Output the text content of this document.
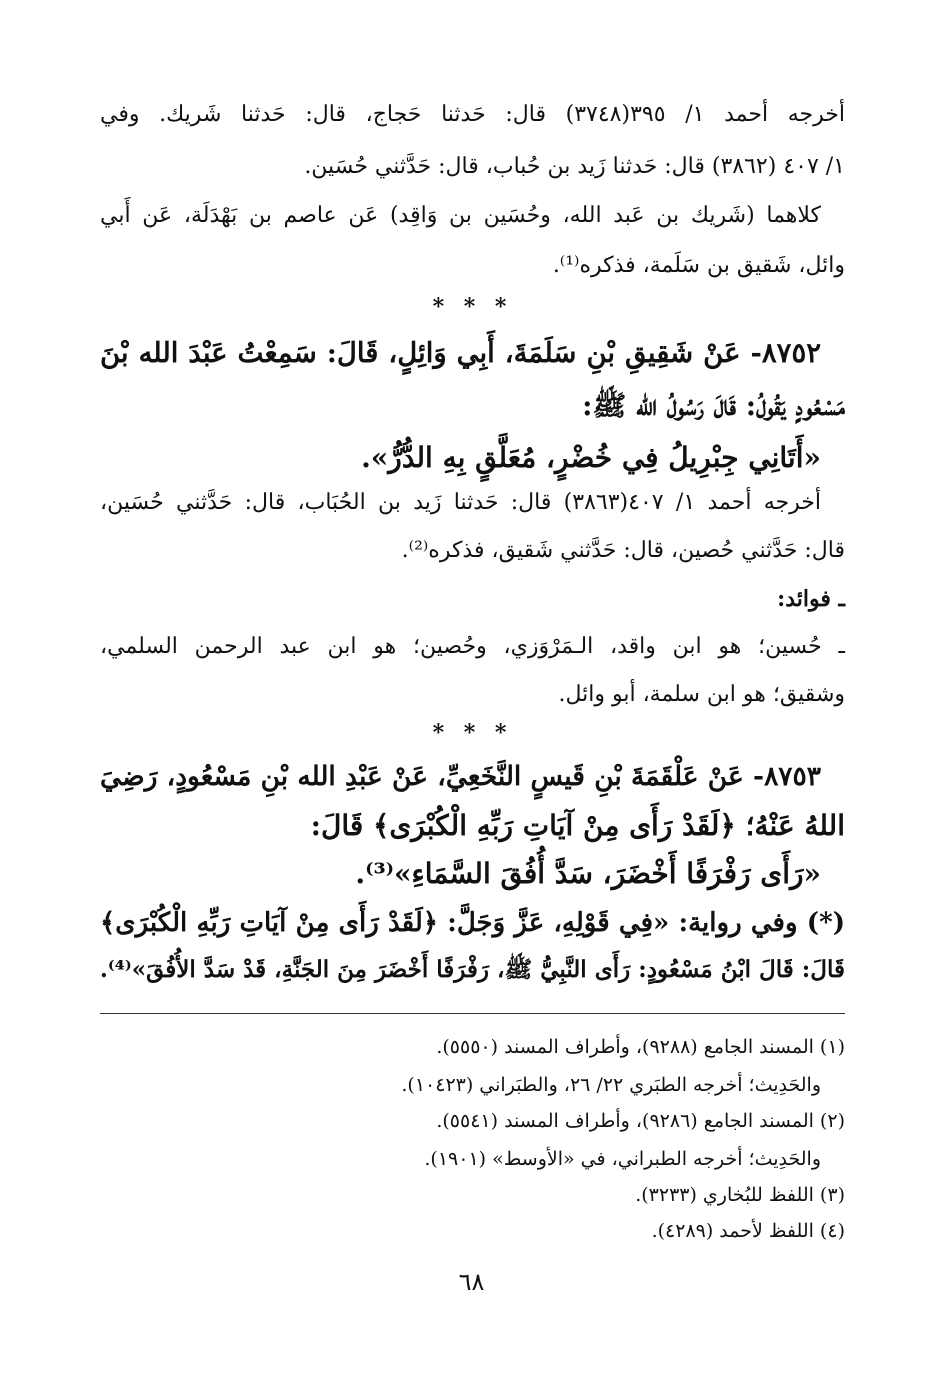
أخرجه أحمد ١/ ٣٩٥(٣٧٤٨) قال: حَدثنا حَجاج، قال: حَدثنا شَريك. وفي
١/ ٤٠٧ (٣٨٦٢) قال: حَدثنا زَيد بن حُباب، قال: حَدَّثني حُسَين.
كلاهما (شَريك بن عَبد الله، وحُسَين بن وَاقِد) عَن عاصم بن بَهْدَلَة، عَن أَبي
وائل، شَقيق بن سَلَمة، فذكره⁽¹⁾.
* * *
٨٧٥٢- عَنْ شَقِيقِ بْنِ سَلَمَةَ، أَبِي وَائِلٍ، قَالَ: سَمِعْتُ عَبْدَ الله بْنَ
مَسْعُودٍ يَقُولُ: قَالَ رَسُولُ الله ﷺ:
«أَتَانِي جِبْرِيلُ فِي خُضْرٍ، مُعَلَّقٍ بِهِ الدُّرُّ».
أخرجه أحمد ١/ ٤٠٧(٣٨٦٣) قال: حَدثنا زَيد بن الحُبَاب، قال: حَدَّثني حُسَين،
قال: حَدَّثني حُصين، قال: حَدَّثني شَقيق، فذكره⁽²⁾.
ـ فوائد:
ـ حُسين؛ هو ابن واقد، الـمَرْوَزي، وحُصين؛ هو ابن عبد الرحمن السلمي،
وشقيق؛ هو ابن سلمة، أبو وائل.
* * *
٨٧٥٣- عَنْ عَلْقَمَةَ بْنِ قَيسٍ النَّخَعِيِّ، عَنْ عَبْدِ الله بْنِ مَسْعُودٍ، رَضِيَ
اللهُ عَنْهُ؛ ﴿لَقَدْ رَأَى مِنْ آيَاتِ رَبِّهِ الْكُبْرَى﴾ قَالَ:
«رَأَى رَفْرَفًا أَخْضَرَ، سَدَّ أُفُقَ السَّمَاءِ»⁽³⁾.
(*) وفي رواية: «فِي قَوْلِهِ، عَزَّ وَجَلَّ: ﴿لَقَدْ رَأَى مِنْ آيَاتِ رَبِّهِ الْكُبْرَى﴾
قَالَ: قَالَ ابْنُ مَسْعُودٍ: رَأَى النَّبِيُّ ﷺ، رَفْرَفًا أَخْضَرَ مِنَ الجَنَّةِ، قَدْ سَدَّ الأُفُقَ»⁽⁴⁾.
(١) المسند الجامع (٩٢٨٨)، وأطراف المسند (٥٥٥٠).
والحَدِيث؛ أخرجه الطبَري ٢٢/ ٢٦، والطبَراني (١٠٤٢٣).
(٢) المسند الجامع (٩٢٨٦)، وأطراف المسند (٥٥٤١).
والحَدِيث؛ أخرجه الطبراني، في «الأوسط» (١٩٠١).
(٣) اللفظ للبُخاري (٣٢٣٣).
(٤) اللفظ لأحمد (٤٢٨٩).
٦٨
